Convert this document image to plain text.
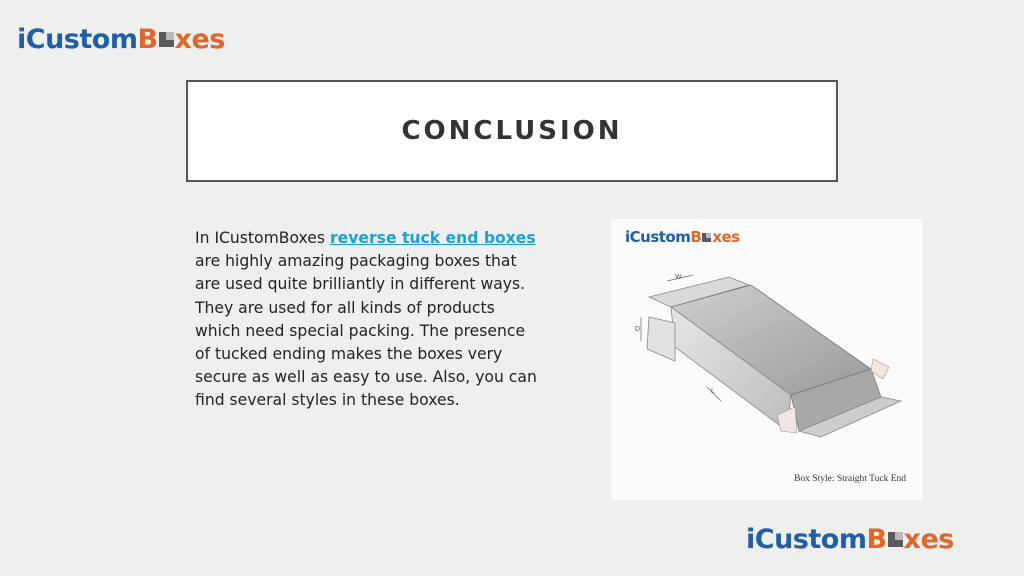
iCustom B xes
CONCLUSION
In ICustomBoxes reverse tuck end boxes are highly amazing packaging boxes that are used quite brilliantly in different ways. They are used for all kinds of products which need special packing. The presence of tucked ending makes the boxes very secure as well as easy to use. Also, you can find several styles in these boxes.
iCustom B xes
W
D
L
Box Style: Straight Tuck End
iCustom B xes
